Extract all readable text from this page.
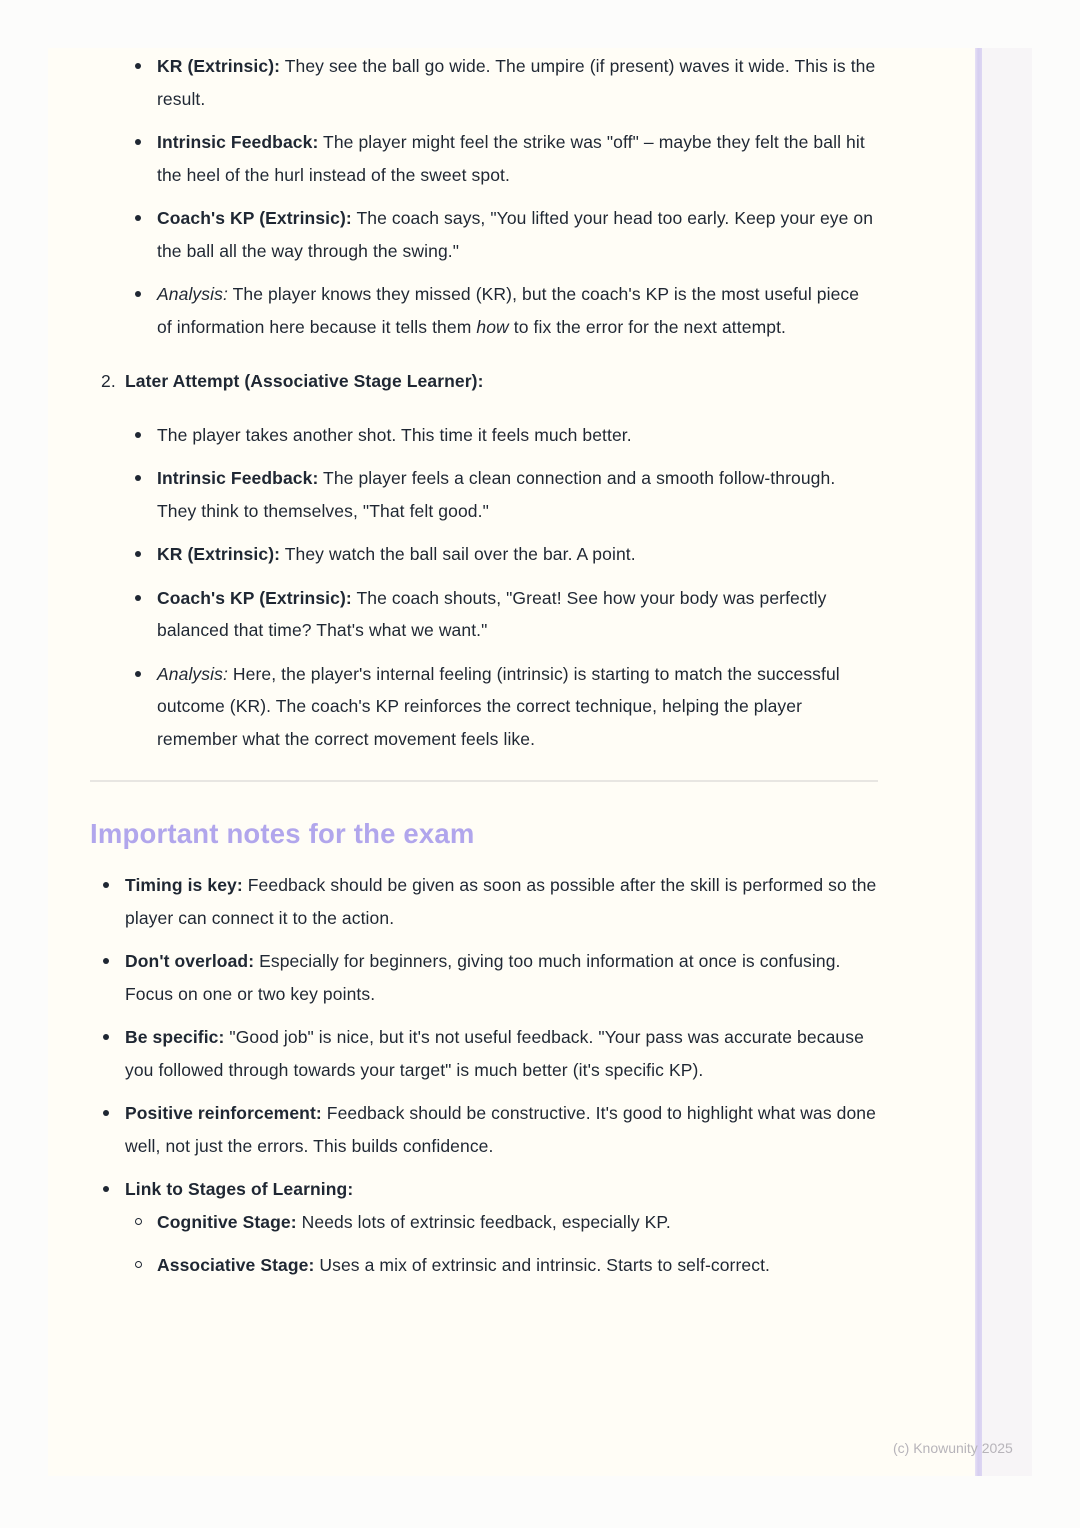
KR (Extrinsic): They see the ball go wide. The umpire (if present) waves it wide. This is the result.

Intrinsic Feedback: The player might feel the strike was "off" – maybe they felt the ball hit the heel of the hurl instead of the sweet spot.

Coach's KP (Extrinsic): The coach says, "You lifted your head too early. Keep your eye on the ball all the way through the swing."

Analysis: The player knows they missed (KR), but the coach's KP is the most useful piece of information here because it tells them how to fix the error for the next attempt.

2. Later Attempt (Associative Stage Learner):

The player takes another shot. This time it feels much better.

Intrinsic Feedback: The player feels a clean connection and a smooth follow-through. They think to themselves, "That felt good."

KR (Extrinsic): They watch the ball sail over the bar. A point.

Coach's KP (Extrinsic): The coach shouts, "Great! See how your body was perfectly balanced that time? That's what we want."

Analysis: Here, the player's internal feeling (intrinsic) is starting to match the successful outcome (KR). The coach's KP reinforces the correct technique, helping the player remember what the correct movement feels like.

Important notes for the exam

Timing is key: Feedback should be given as soon as possible after the skill is performed so the player can connect it to the action.

Don't overload: Especially for beginners, giving too much information at once is confusing. Focus on one or two key points.

Be specific: "Good job" is nice, but it's not useful feedback. "Your pass was accurate because you followed through towards your target" is much better (it's specific KP).

Positive reinforcement: Feedback should be constructive. It's good to highlight what was done well, not just the errors. This builds confidence.

Link to Stages of Learning:

Cognitive Stage: Needs lots of extrinsic feedback, especially KP.

Associative Stage: Uses a mix of extrinsic and intrinsic. Starts to self-correct.

(c) Knowunity 2025
